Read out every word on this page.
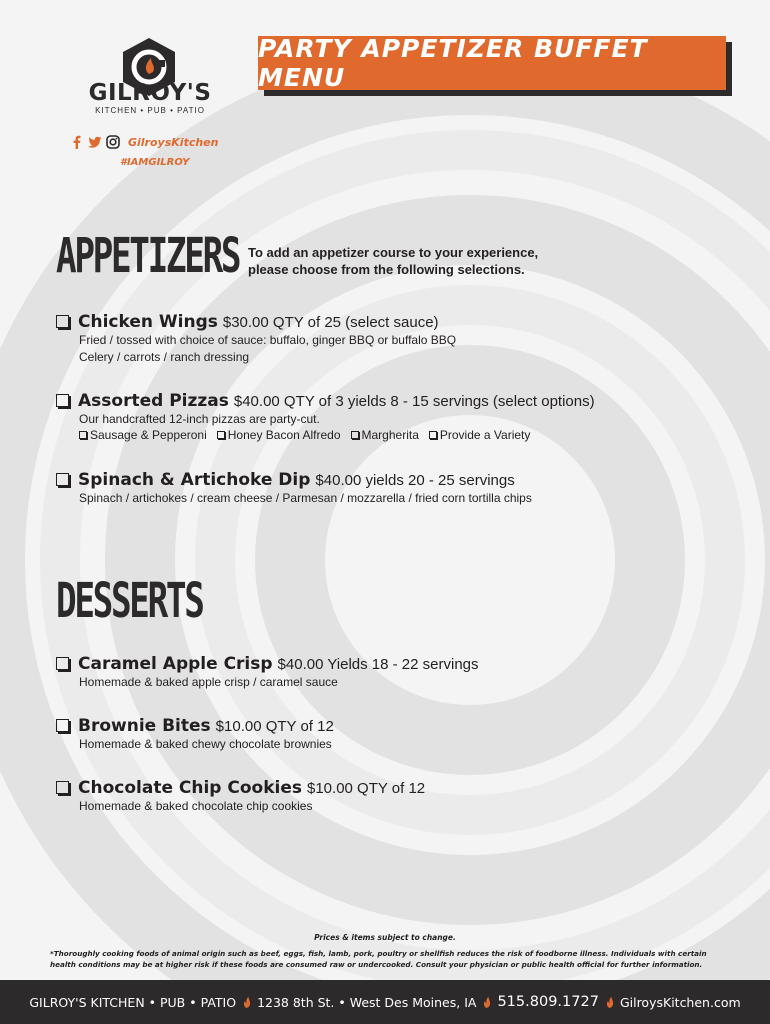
GILROY'S
KITCHEN • PUB • PATIO
GilroysKitchen
#IAMGILROY
PARTY APPETIZER BUFFET MENU
APPETIZERS To add an appetizer course to your experience,
please choose from the following selections.
Chicken Wings $30.00 QTY of 25 (select sauce)
Fried / tossed with choice of sauce: buffalo, ginger BBQ or buffalo BBQ
Celery / carrots / ranch dressing
Assorted Pizzas $40.00 QTY of 3 yields 8 - 15 servings (select options)
Our handcrafted 12-inch pizzas are party-cut.
Sausage & Pepperoni Honey Bacon Alfredo Margherita Provide a Variety
Spinach & Artichoke Dip $40.00 yields 20 - 25 servings
Spinach / artichokes / cream cheese / Parmesan / mozzarella / fried corn tortilla chips
DESSERTS
Caramel Apple Crisp $40.00 Yields 18 - 22 servings
Homemade & baked apple crisp / caramel sauce
Brownie Bites $10.00 QTY of 12
Homemade & baked chewy chocolate brownies
Chocolate Chip Cookies $10.00 QTY of 12
Homemade & baked chocolate chip cookies
Prices & items subject to change.
*Thoroughly cooking foods of animal origin such as beef, eggs, fish, lamb, pork, poultry or shellfish reduces the risk of foodborne illness. Individuals with certain
health conditions may be at higher risk if these foods are consumed raw or undercooked. Consult your physician or public health official for further information.
GILROY'S KITCHEN • PUB • PATIO 1238 8th St. • West Des Moines, IA 515.809.1727 GilroysKitchen.com
